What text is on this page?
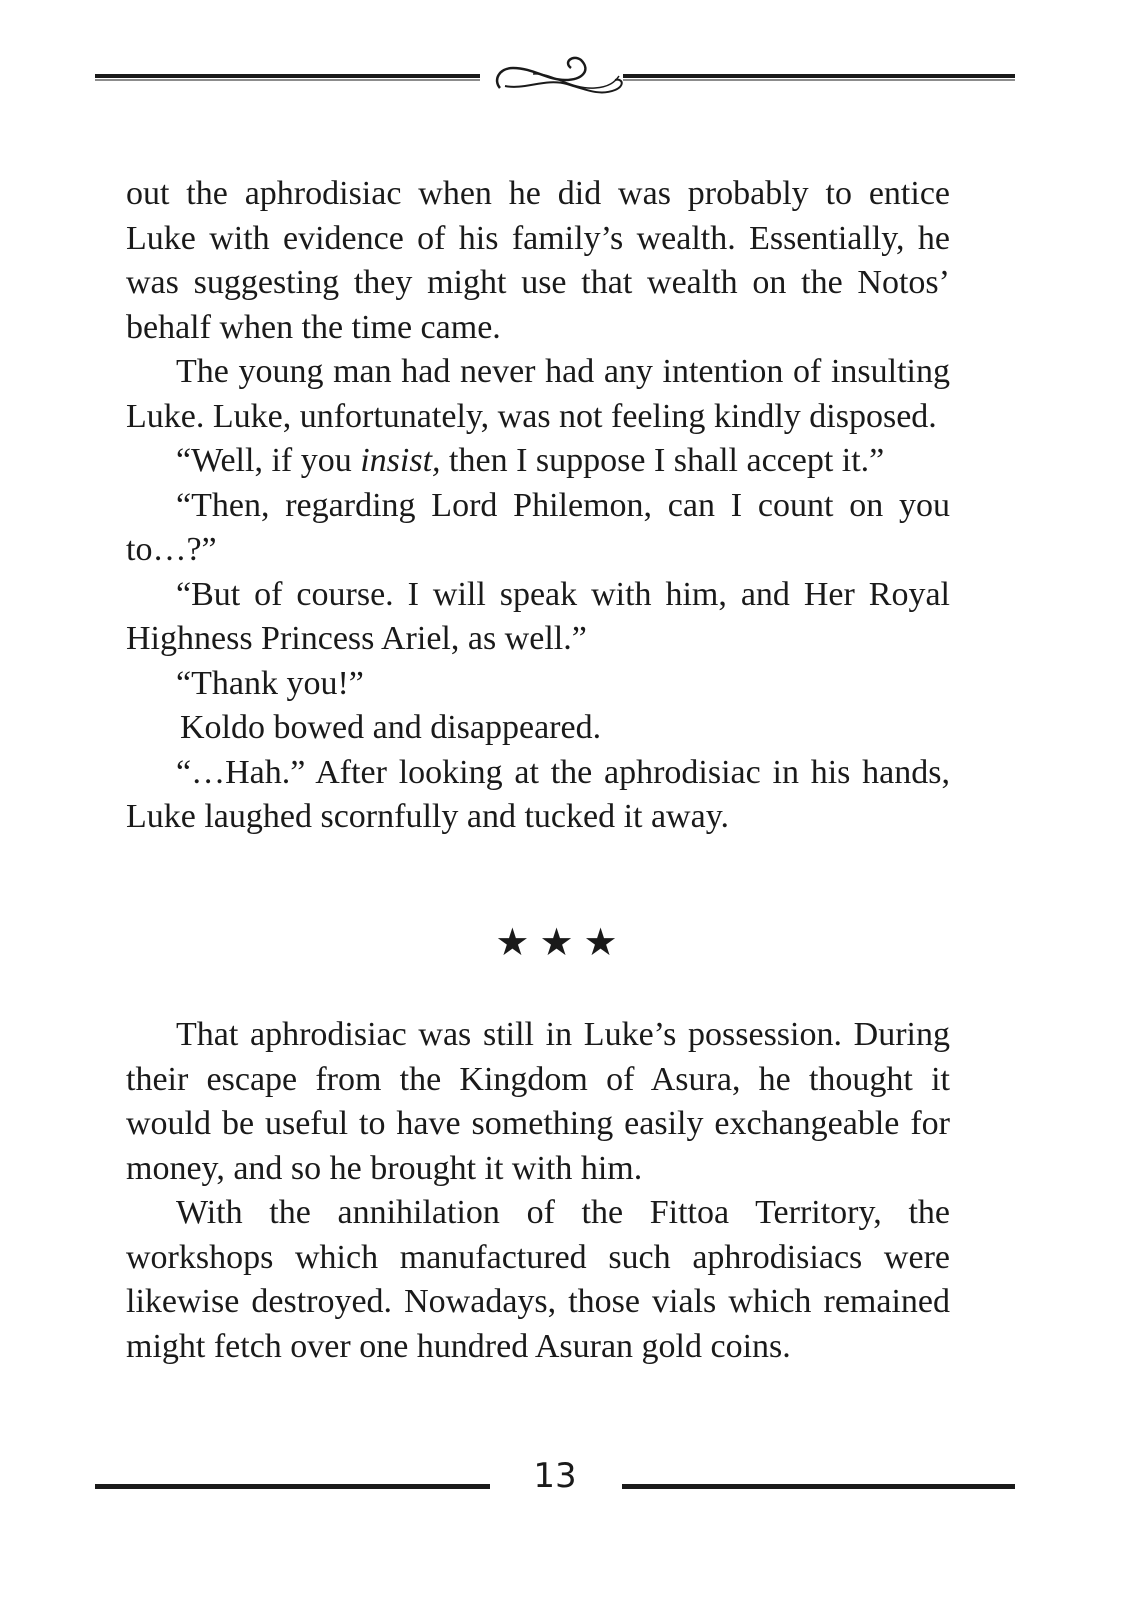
out the aphrodisiac when he did was probably to entice Luke with evidence of his family’s wealth. Essentially, he was suggesting they might use that wealth on the Notos’ behalf when the time came.

The young man had never had any intention of insulting Luke. Luke, unfortunately, was not feeling kindly disposed.

“Well, if you insist, then I suppose I shall accept it.”

“Then, regarding Lord Philemon, can I count on you to…?”

“But of course. I will speak with him, and Her Royal Highness Princess Ariel, as well.”

“Thank you!”

Koldo bowed and disappeared.

“…Hah.” After looking at the aphrodisiac in his hands, Luke laughed scornfully and tucked it away.

★★★

That aphrodisiac was still in Luke’s possession. During their escape from the Kingdom of Asura, he thought it would be useful to have something easily exchangeable for money, and so he brought it with him.

With the annihilation of the Fittoa Territory, the workshops which manufactured such aphrodisiacs were likewise destroyed. Nowadays, those vials which remained might fetch over one hundred Asuran gold coins.

13
